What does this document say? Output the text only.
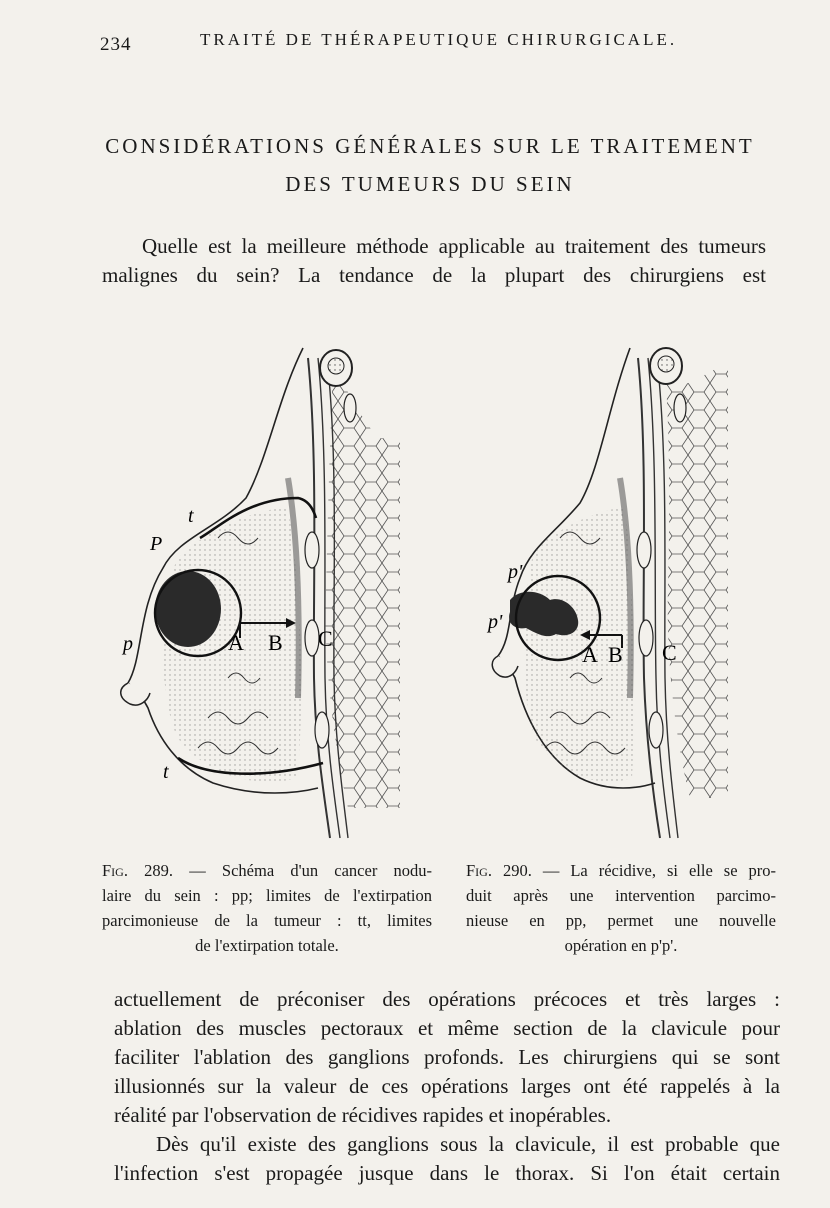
234	TRAITÉ DE THÉRAPEUTIQUE CHIRURGICALE.
CONSIDÉRATIONS GÉNÉRALES SUR LE TRAITEMENT
DES TUMEURS DU SEIN
Quelle est la meilleure méthode applicable au traitement des tumeurs
malignes du sein? La tendance de la plupart des chirurgiens est
t
P
p
t
A B C
p'
p'
A B C
Fig. 289. — Schéma d'un cancer nodu-
laire du sein : pp; limites de l'extirpation
parcimonieuse de la tumeur : tt, limites
de l'extirpation totale.
Fig. 290. — La récidive, si elle se pro-
duit après une intervention parcimo-
nieuse en pp, permet une nouvelle
opération en p'p'.
actuellement de préconiser des opérations précoces et très larges :
ablation des muscles pectoraux et même section de la clavicule pour
faciliter l'ablation des ganglions profonds. Les chirurgiens qui se sont
illusionnés sur la valeur de ces opérations larges ont été rappelés à la
réalité par l'observation de récidives rapides et inopérables.
Dès qu'il existe des ganglions sous la clavicule, il est probable que
l'infection s'est propagée jusque dans le thorax. Si l'on était certain
